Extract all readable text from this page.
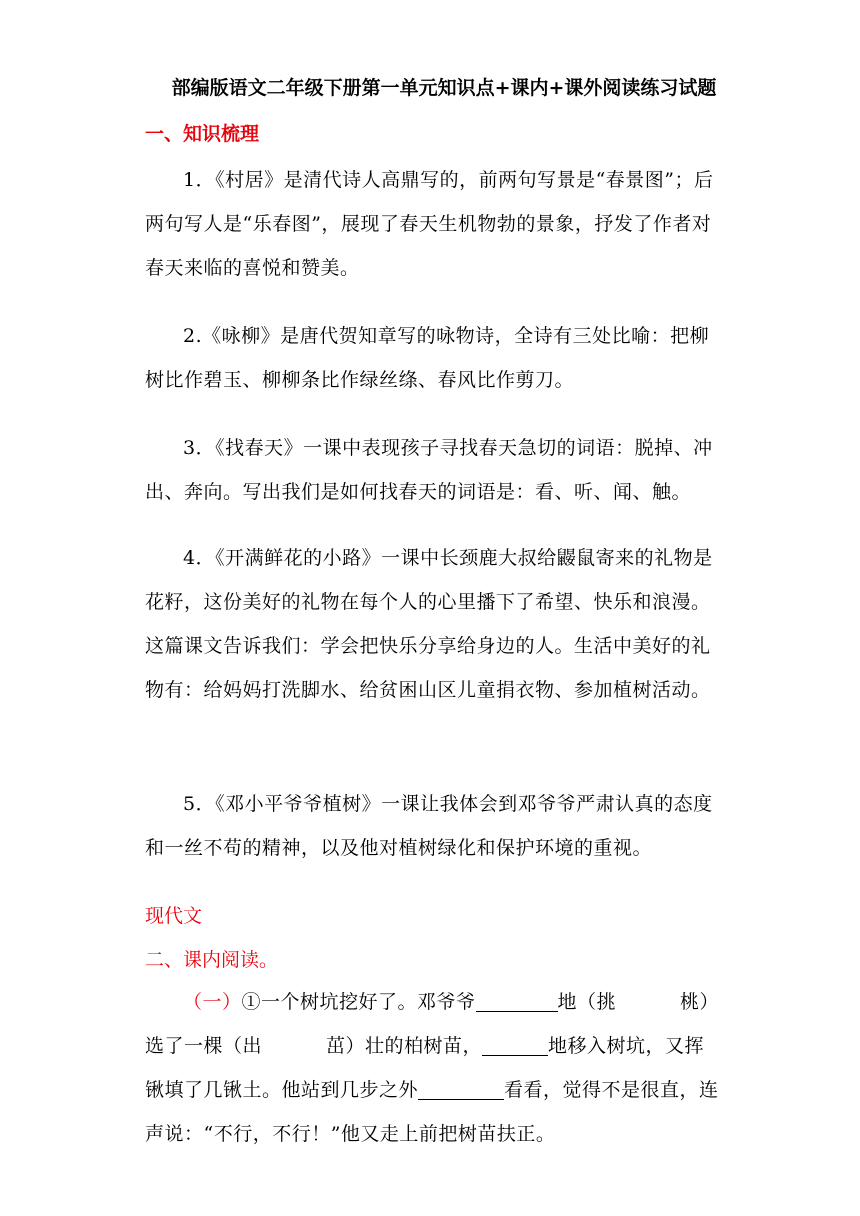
部编版语文二年级下册第一单元知识点+课内+课外阅读练习试题
一、知识梳理
1．《村居》是清代诗人高鼎写的，前两句写景是“春景图”；后两句写人是“乐春图”，展现了春天生机物勃的景象，抒发了作者对春天来临的喜悦和赞美。
2.《咏柳》是唐代贺知章写的咏物诗，全诗有三处比喻：把柳树比作碧玉、柳柳条比作绿丝绦、春风比作剪刀。
3．《找春天》一课中表现孩子寻找春天急切的词语：脱掉、冲出、奔向。写出我们是如何找春天的词语是：看、听、闻、触。
4．《开满鲜花的小路》一课中长颈鹿大叔给鼹鼠寄来的礼物是花籽，这份美好的礼物在每个人的心里播下了希望、快乐和浪漫。这篇课文告诉我们：学会把快乐分享给身边的人。生活中美好的礼物有：给妈妈打洗脚水、给贫困山区儿童捐衣物、参加植树活动。
5．《邓小平爷爷植树》一课让我体会到邓爷爷严肃认真的态度和一丝不苟的精神，以及他对植树绿化和保护环境的重视。
现代文
二、课内阅读。
（一）①一个树坑挖好了。邓爷爷	地（挑	桃）选了一棵（出	茁）壮的柏树苗，	地移入树坑，又挥锹填了几锹土。他站到几步之外	看看，觉得不是很直，连声说：“不行，不行！”他又走上前把树苗扶正。
